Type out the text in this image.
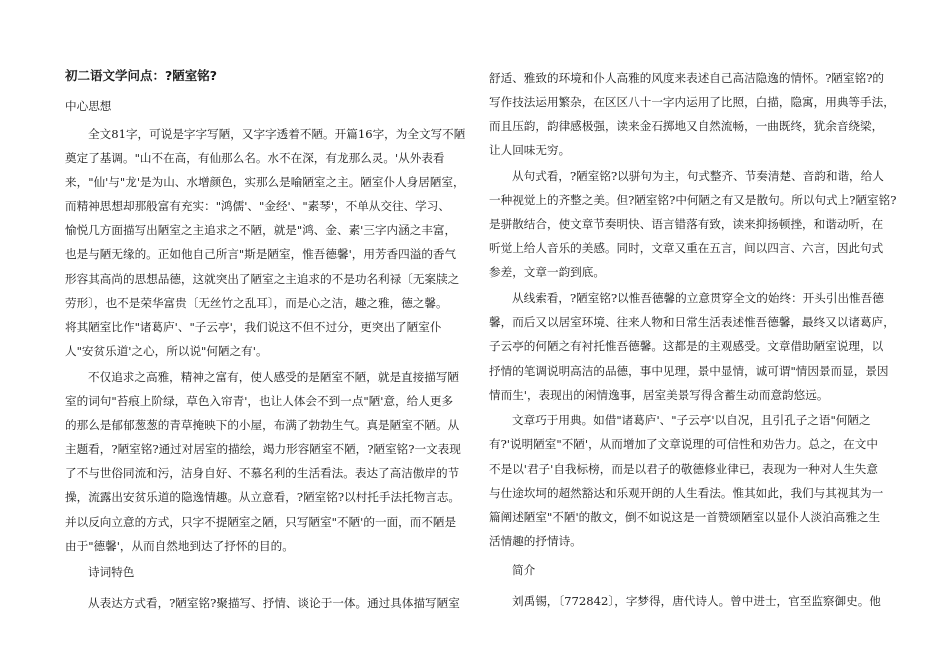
初二语文学问点：?陋室铭?
中心思想
全文81字，可说是字字写陋，又字字透着不陋。开篇16字，为全文写不陋
奠定了基调。"山不在高，有仙那么名。水不在深，有龙那么灵。'从外表看
来，"仙'与"龙'是为山、水增颜色，实那么是喻陋室之主。陋室仆人身居陋室，
而精神思想却那般富有充实："鸿儒'、"金经'、"素琴'，不单从交往、学习、
愉悦几方面描写出陋室之主追求之不陋，就是"鸿、金、素'三字内涵之丰富，
也是与陋无缘的。正如他自己所言"斯是陋室，惟吾德馨'，用芳香四溢的香气
形容其高尚的思想品德，这就突出了陋室之主追求的不是功名利禄〔无案牍之
劳形〕，也不是荣华富贵〔无丝竹之乱耳〕，而是心之洁，趣之雅，德之馨。
将其陋室比作"诸葛庐'、"子云亭'，我们说这不但不过分，更突出了陋室仆
人"安贫乐道'之心，所以说"何陋之有'。
不仅追求之高雅，精神之富有，使人感受的是陋室不陋，就是直接描写陋
室的词句"苔痕上阶绿，草色入帘青'，也让人体会不到一点"陋'意，给人更多
的那么是郁郁葱葱的青草掩映下的小屋，布满了勃勃生气。真是陋室不陋。从
主题看，?陋室铭?通过对居室的描绘，竭力形容陋室不陋，?陋室铭?一文表现
了不与世俗同流和污，洁身自好、不慕名利的生活看法。表达了高洁傲岸的节
操，流露出安贫乐道的隐逸情趣。从立意看，?陋室铭?以村托手法托物言志。
并以反向立意的方式，只字不提陋室之陋，只写陋室"不陋'的一面，而不陋是
由于"德馨'，从而自然地到达了抒怀的目的。
诗词特色
从表达方式看，?陋室铭?聚描写、抒情、谈论于一体。通过具体描写陋室
舒适、雅致的环境和仆人高雅的风度来表述自己高洁隐逸的情怀。?陋室铭?的
写作技法运用繁杂，在区区八十一字内运用了比照，白描，隐寓，用典等手法，
而且压韵，韵律感极强，读来金石掷地又自然流畅，一曲既终，犹余音绕梁，
让人回味无穷。
从句式看，?陋室铭?以骈句为主，句式整齐、节奏清楚、音韵和谐，给人
一种视觉上的齐整之美。但?陋室铭?中何陋之有又是散句。所以句式上?陋室铭?
是骈散结合，使文章节奏明快、语言错落有致，读来抑扬顿挫，和谐动听，在
听觉上给人音乐的美感。同时，文章又重在五言，间以四言、六言，因此句式
参差，文章一韵到底。
从线索看，?陋室铭?以惟吾德馨的立意贯穿全文的始终：开头引出惟吾德
馨，而后又以居室环境、往来人物和日常生活表述惟吾德馨，最终又以诸葛庐，
子云亭的何陋之有衬托惟吾德馨。这都是的主观感受。文章借助陋室说理，以
抒情的笔调说明高洁的品德，事中见理，景中显情，诚可谓"情因景而显，景因
情而生'，表现出的闲情逸事，居室美景写得含蓄生动而意韵悠远。
文章巧于用典。如借"诸葛庐'、"子云亭'以自况，且引孔子之语"何陋之
有?'说明陋室"不陋'，从而增加了文章说理的可信性和劝告力。总之，在文中
不是以'君子'自我标榜，而是以君子的敬德修业律已，表现为一种对人生失意
与仕途坎坷的超然豁达和乐观开朗的人生看法。惟其如此，我们与其视其为一
篇阐述陋室"不陋'的散文，倒不如说这是一首赞颂陋室以显仆人淡泊高雅之生
活情趣的抒情诗。
简介
刘禹锡，〔772842〕，字梦得，唐代诗人。曾中进士，官至监察御史。他
